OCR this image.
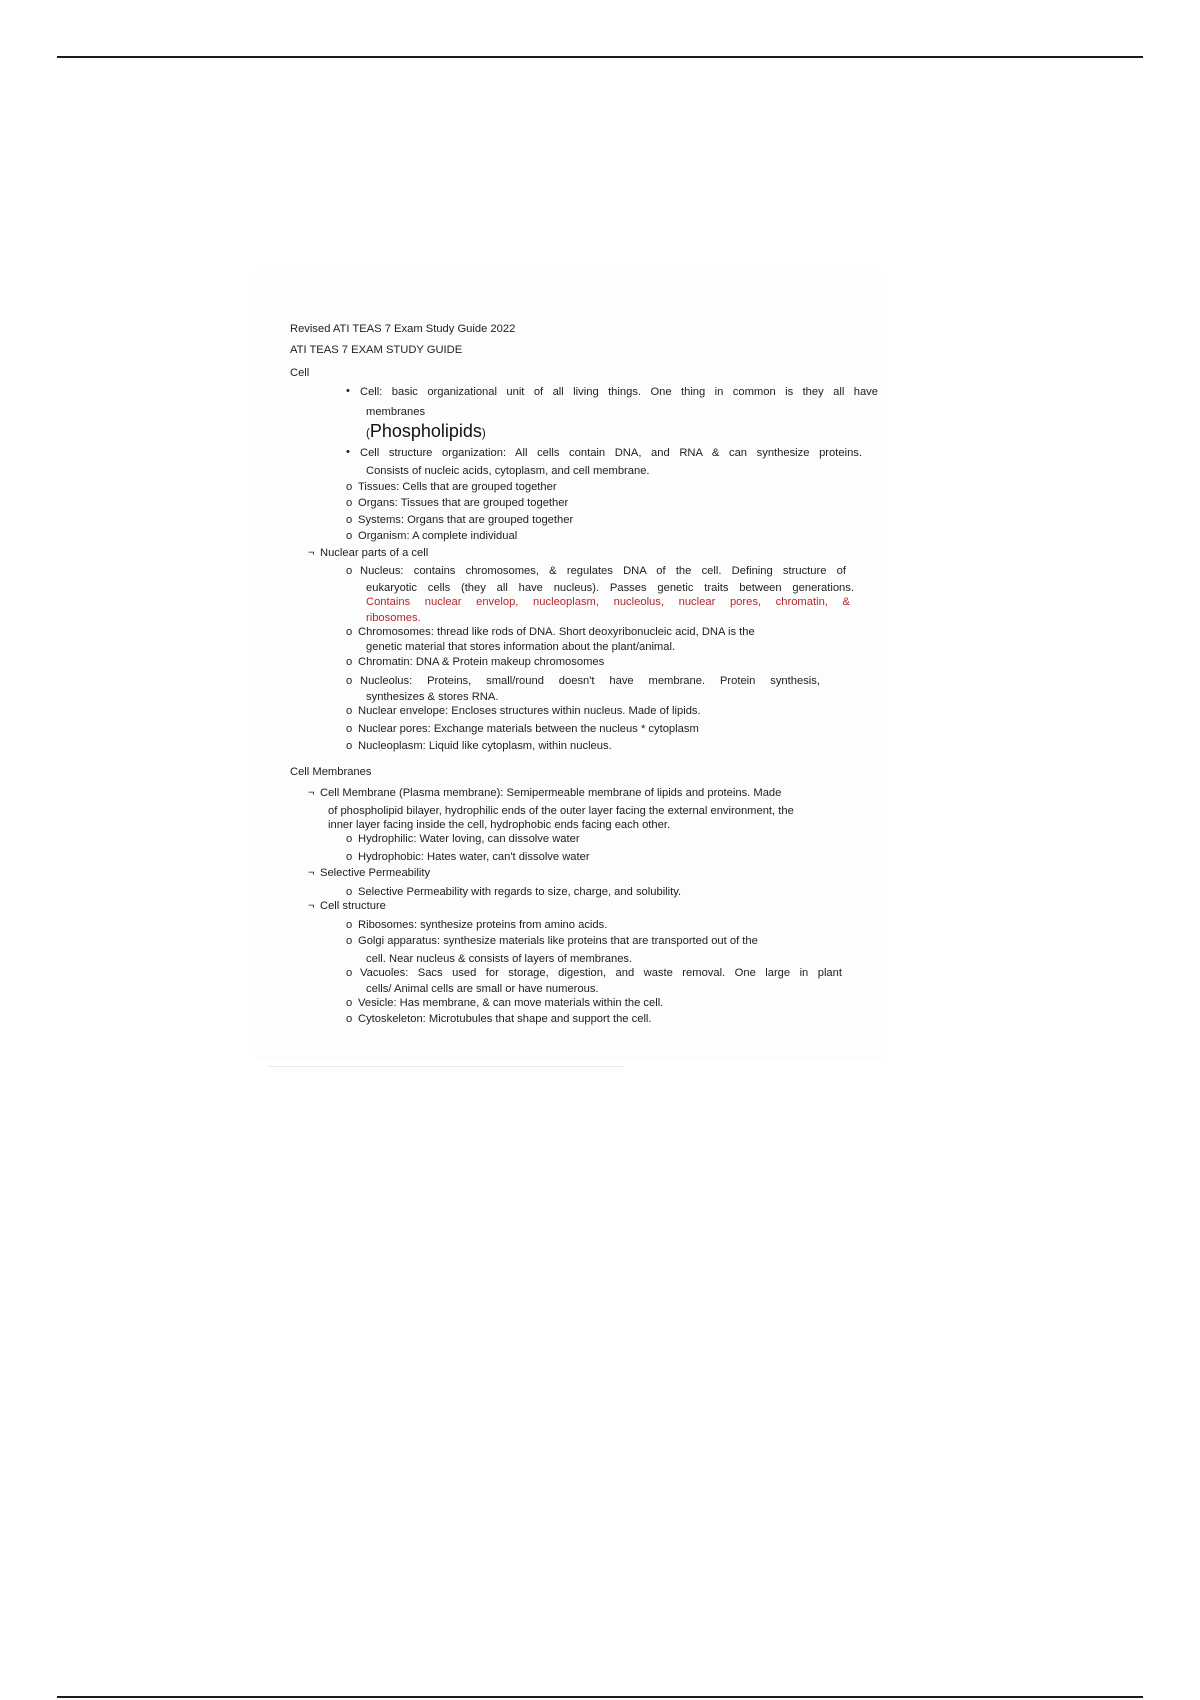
Revised ATI TEAS 7 Exam Study Guide 2022
ATI TEAS 7 EXAM STUDY GUIDE
Cell
• Cell: basic organizational unit of all living things. One thing in common is they all have
membranes
(Phospholipids)
• Cell structure organization: All cells contain DNA, and RNA & can synthesize proteins.
Consists of nucleic acids, cytoplasm, and cell membrane.
o Tissues: Cells that are grouped together
o Organs: Tissues that are grouped together
o Systems: Organs that are grouped together
o Organism: A complete individual
¬ Nuclear parts of a cell
o Nucleus: contains chromosomes, & regulates DNA of the cell. Defining structure of
eukaryotic cells (they all have nucleus). Passes genetic traits between generations.
Contains nuclear envelop, nucleoplasm, nucleolus, nuclear pores, chromatin, &
ribosomes.
o Chromosomes: thread like rods of DNA. Short deoxyribonucleic acid, DNA is the
genetic material that stores information about the plant/animal.
o Chromatin: DNA & Protein makeup chromosomes
o Nucleolus: Proteins, small/round doesn't have membrane. Protein synthesis,
synthesizes & stores RNA.
o Nuclear envelope: Encloses structures within nucleus. Made of lipids.
o Nuclear pores: Exchange materials between the nucleus * cytoplasm
o Nucleoplasm: Liquid like cytoplasm, within nucleus.
Cell Membranes
¬ Cell Membrane (Plasma membrane): Semipermeable membrane of lipids and proteins. Made
of phospholipid bilayer, hydrophilic ends of the outer layer facing the external environment, the
inner layer facing inside the cell, hydrophobic ends facing each other.
o Hydrophilic: Water loving, can dissolve water
o Hydrophobic: Hates water, can't dissolve water
¬ Selective Permeability
o Selective Permeability with regards to size, charge, and solubility.
¬ Cell structure
o Ribosomes: synthesize proteins from amino acids.
o Golgi apparatus: synthesize materials like proteins that are transported out of the
cell. Near nucleus & consists of layers of membranes.
o Vacuoles: Sacs used for storage, digestion, and waste removal. One large in plant
cells/ Animal cells are small or have numerous.
o Vesicle: Has membrane, & can move materials within the cell.
o Cytoskeleton: Microtubules that shape and support the cell.
